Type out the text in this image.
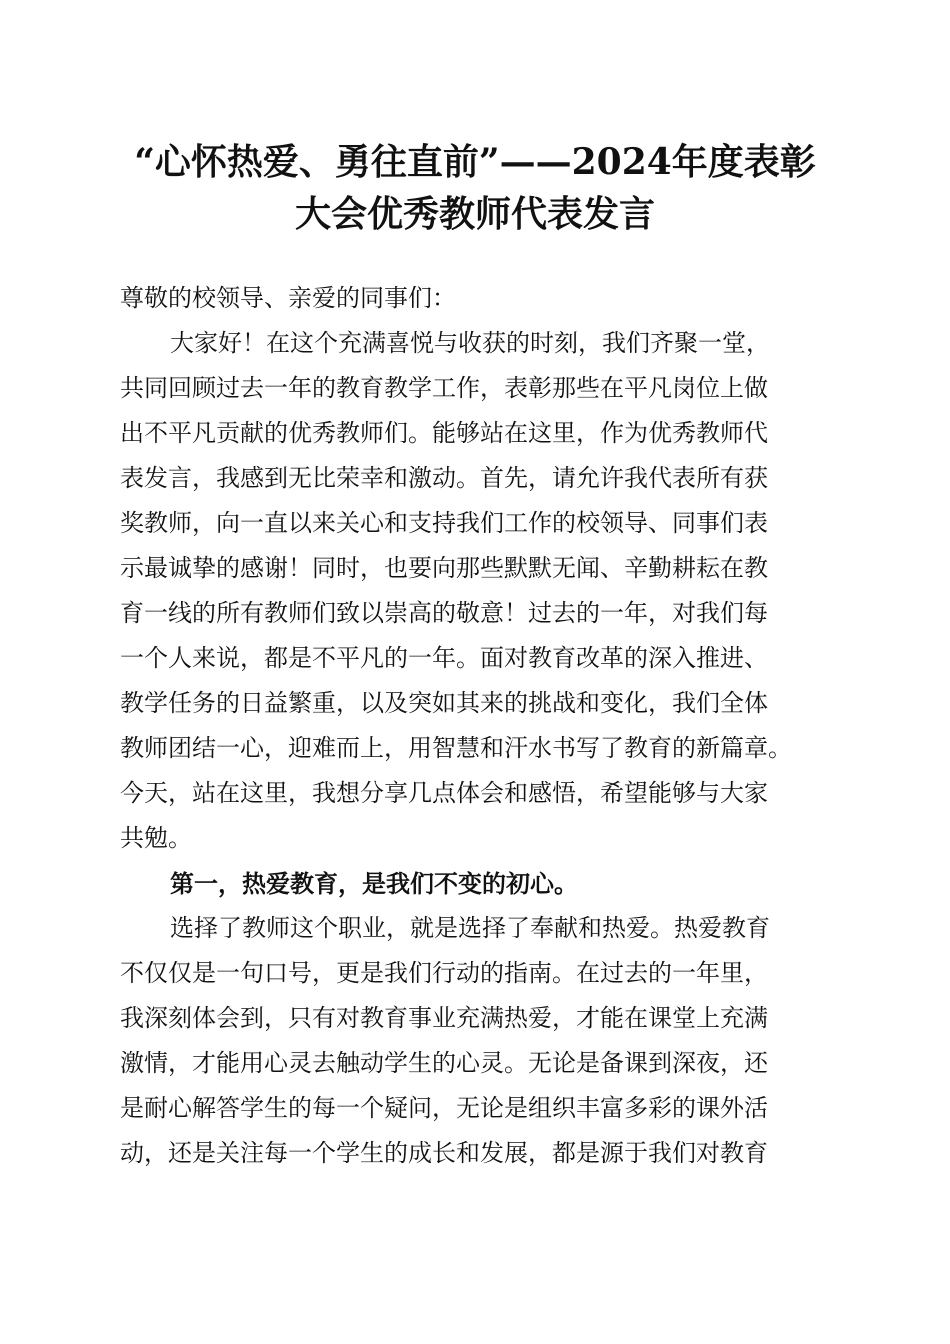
“心怀热爱、勇往直前”——2024年度表彰
大会优秀教师代表发言
尊敬的校领导、亲爱的同事们：
大家好！在这个充满喜悦与收获的时刻，我们齐聚一堂，
共同回顾过去一年的教育教学工作，表彰那些在平凡岗位上做
出不平凡贡献的优秀教师们。能够站在这里，作为优秀教师代
表发言，我感到无比荣幸和激动。首先，请允许我代表所有获
奖教师，向一直以来关心和支持我们工作的校领导、同事们表
示最诚挚的感谢！同时，也要向那些默默无闻、辛勤耕耘在教
育一线的所有教师们致以崇高的敬意！过去的一年，对我们每
一个人来说，都是不平凡的一年。面对教育改革的深入推进、
教学任务的日益繁重，以及突如其来的挑战和变化，我们全体
教师团结一心，迎难而上，用智慧和汗水书写了教育的新篇章。
今天，站在这里，我想分享几点体会和感悟，希望能够与大家
共勉。
第一，热爱教育，是我们不变的初心。
选择了教师这个职业，就是选择了奉献和热爱。热爱教育
不仅仅是一句口号，更是我们行动的指南。在过去的一年里，
我深刻体会到，只有对教育事业充满热爱，才能在课堂上充满
激情，才能用心灵去触动学生的心灵。无论是备课到深夜，还
是耐心解答学生的每一个疑问，无论是组织丰富多彩的课外活
动，还是关注每一个学生的成长和发展，都是源于我们对教育
